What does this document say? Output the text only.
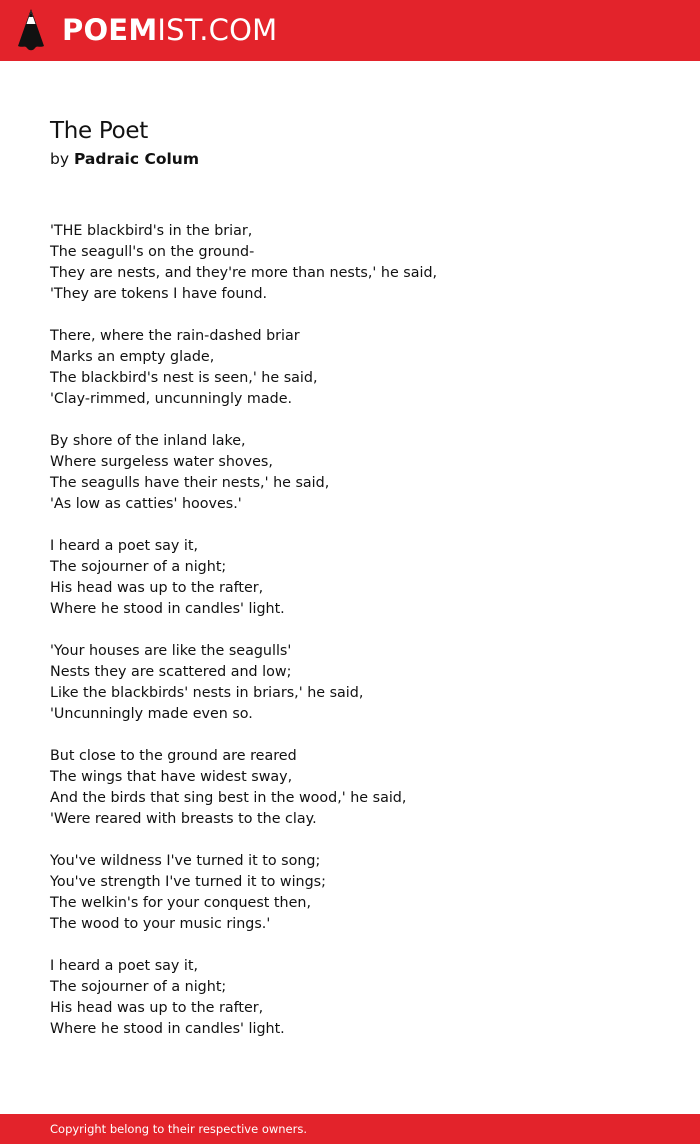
POEMIST.COM
The Poet

by Padraic Colum

'THE blackbird's in the briar,
The seagull's on the ground-
They are nests, and they're more than nests,' he said,
'They are tokens I have found.
There, where the rain-dashed briar
Marks an empty glade,
The blackbird's nest is seen,' he said,
'Clay-rimmed, uncunningly made.
By shore of the inland lake,
Where surgeless water shoves,
The seagulls have their nests,' he said,
'As low as catties' hooves.'
I heard a poet say it,
The sojourner of a night;
His head was up to the rafter,
Where he stood in candles' light.
'Your houses are like the seagulls'
Nests they are scattered and low;
Like the blackbirds' nests in briars,' he said,
'Uncunningly made even so.
But close to the ground are reared
The wings that have widest sway,
And the birds that sing best in the wood,' he said,
'Were reared with breasts to the clay.
You've wildness I've turned it to song;
You've strength I've turned it to wings;
The welkin's for your conquest then,
The wood to your music rings.'
I heard a poet say it,
The sojourner of a night;
His head was up to the rafter,
Where he stood in candles' light.
Copyright belong to their respective owners.
